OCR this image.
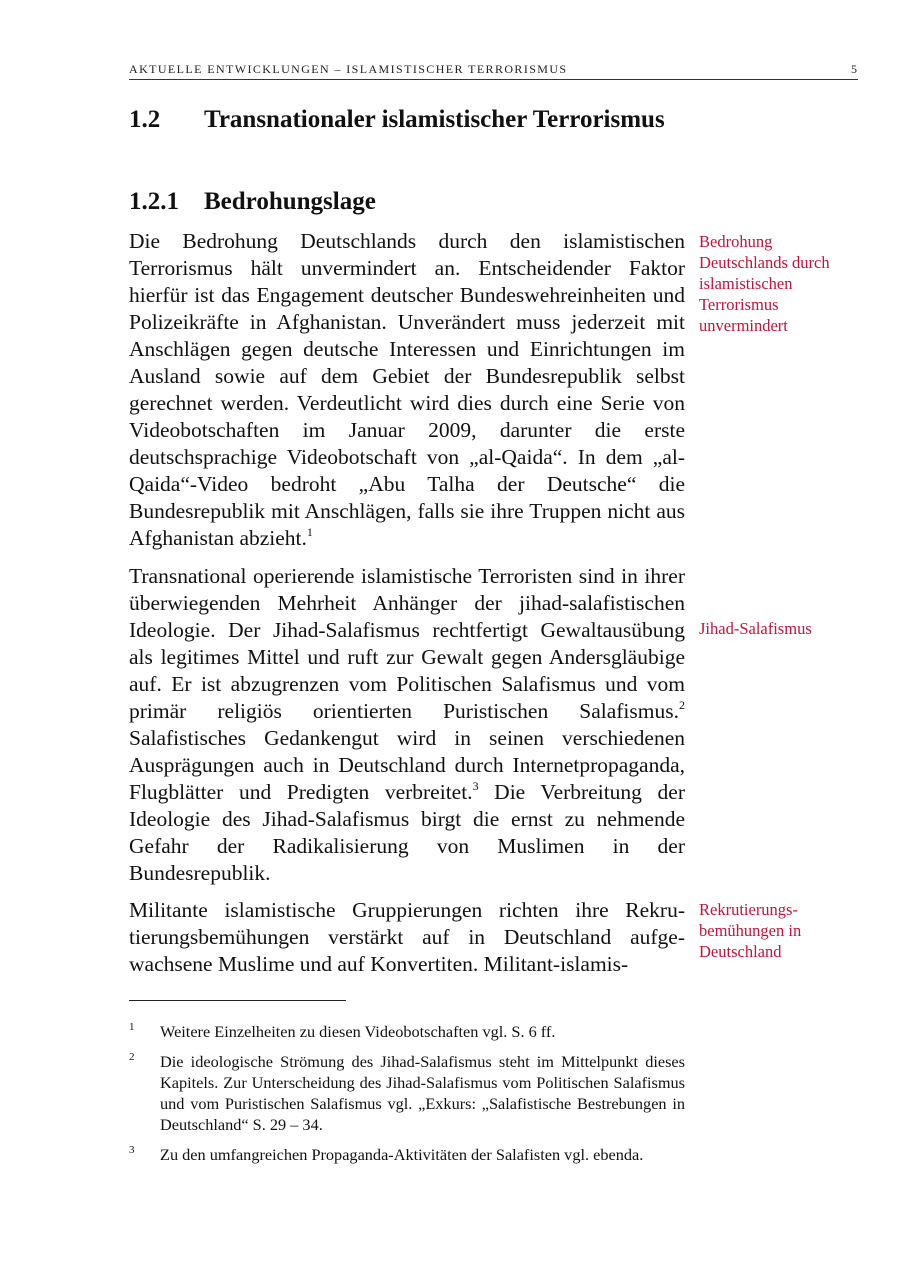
AKTUELLE ENTWICKLUNGEN – ISLAMISTISCHER TERRORISMUS	5
1.2 Transnationaler islamistischer Terrorismus
1.2.1 Bedrohungslage
Die Bedrohung Deutschlands durch den islamistischen Terrorismus hält unvermindert an. Entscheidender Faktor hierfür ist das Engagement deutscher Bundeswehreinheiten und Polizeikräfte in Afghanistan. Unverändert muss jederzeit mit Anschlägen gegen deutsche Interessen und Einrichtungen im Ausland sowie auf dem Gebiet der Bundesrepublik selbst gerechnet werden. Verdeutlicht wird dies durch eine Serie von Videobotschaften im Januar 2009, darunter die erste deutschsprachige Videobotschaft von „al-Qaida“. In dem „al-Qaida“-Video bedroht „Abu Talha der Deutsche“ die Bundesrepublik mit Anschlägen, falls sie ihre Truppen nicht aus Afghanistan abzieht.$^1$
Transnational operierende islamistische Terroristen sind in ihrer überwiegenden Mehrheit Anhänger der jihad-salafistischen Ideologie. Der Jihad-Salafismus rechtfertigt Gewaltausübung als legitimes Mittel und ruft zur Gewalt gegen Andersgläubige auf. Er ist abzugrenzen vom Politischen Salafismus und vom primär religiös orientierten Puristischen Salafismus.$^2$ Salafistisches Gedankengut wird in seinen verschiedenen Ausprägungen auch in Deutschland durch Internetpropaganda, Flugblätter und Predigten verbreitet.$^3$ Die Verbreitung der Ideologie des Jihad-Salafismus birgt die ernst zu nehmende Gefahr der Radikalisierung von Muslimen in der Bundesrepublik.
Militante islamistische Gruppierungen richten ihre Rekrutierungsbemühungen verstärkt auf in Deutschland aufgewachsene Muslime und auf Konvertiten. Militant-islamis-
Bedrohung Deutschlands durch islamistischen Terrorismus unvermindert
Jihad-Salafismus
Rekrutierungs- bemühungen in Deutschland
1 Weitere Einzelheiten zu diesen Videobotschaften vgl. S. 6 ff.
2 Die ideologische Strömung des Jihad-Salafismus steht im Mittelpunkt dieses Kapitels. Zur Unterscheidung des Jihad-Salafismus vom Politischen Salafismus und vom Puristischen Salafismus vgl. „Exkurs: „Salafistische Bestrebungen in Deutschland“ S. 29 – 34.
3 Zu den umfangreichen Propaganda-Aktivitäten der Salafisten vgl. ebenda.
